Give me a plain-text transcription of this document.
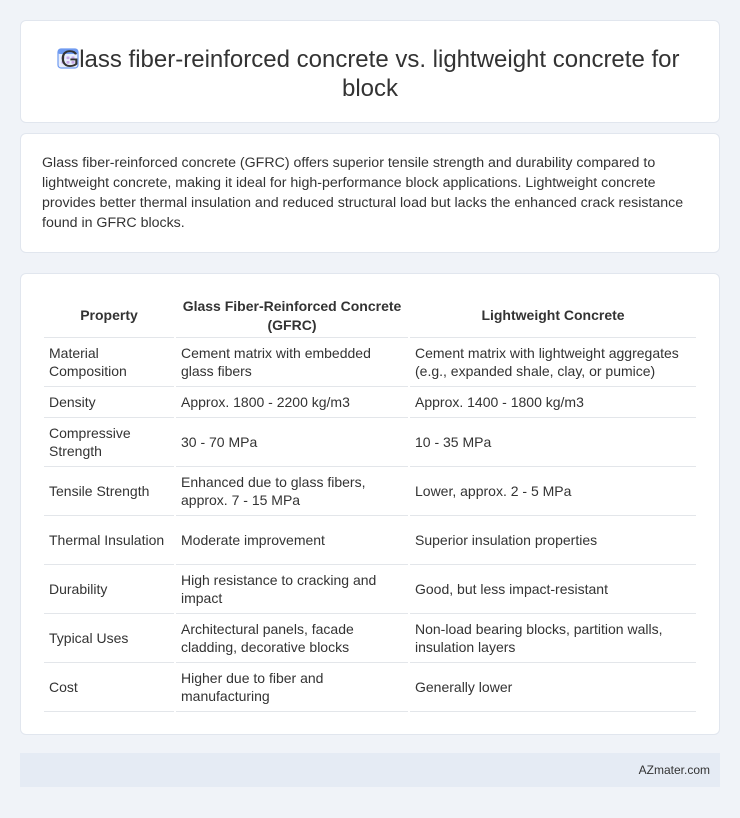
Glass fiber-reinforced concrete vs. lightweight concrete for block

Glass fiber-reinforced concrete (GFRC) offers superior tensile strength and durability compared to lightweight concrete, making it ideal for high-performance block applications. Lightweight concrete provides better thermal insulation and reduced structural load but lacks the enhanced crack resistance found in GFRC blocks.

Property	Glass Fiber-Reinforced Concrete (GFRC)	Lightweight Concrete
Material Composition	Cement matrix with embedded glass fibers	Cement matrix with lightweight aggregates (e.g., expanded shale, clay, or pumice)
Density	Approx. 1800 - 2200 kg/m3	Approx. 1400 - 1800 kg/m3
Compressive Strength	30 - 70 MPa	10 - 35 MPa
Tensile Strength	Enhanced due to glass fibers, approx. 7 - 15 MPa	Lower, approx. 2 - 5 MPa
Thermal Insulation	Moderate improvement	Superior insulation properties
Durability	High resistance to cracking and impact	Good, but less impact-resistant
Typical Uses	Architectural panels, facade cladding, decorative blocks	Non-load bearing blocks, partition walls, insulation layers
Cost	Higher due to fiber and manufacturing	Generally lower
AZmater.com
